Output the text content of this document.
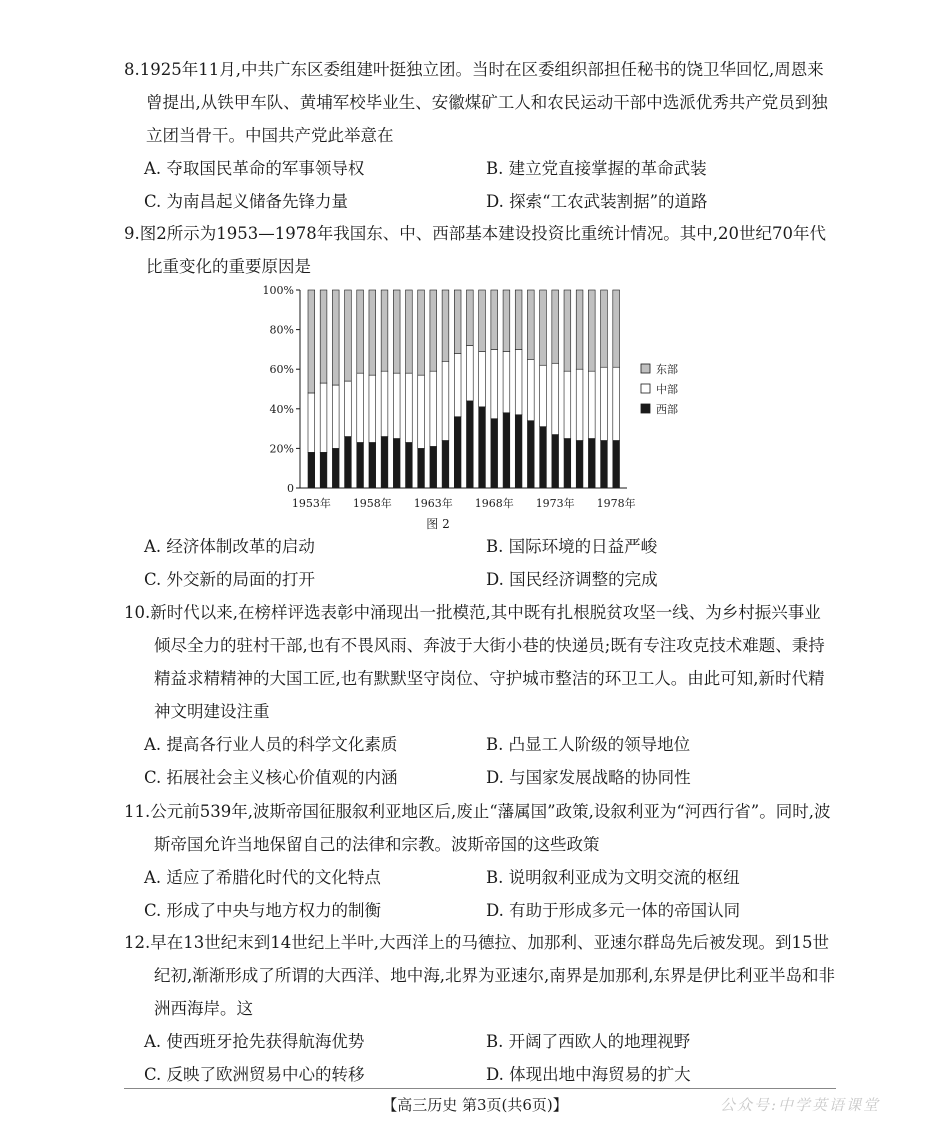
8.1925年11月,中共广东区委组建叶挺独立团。当时在区委组织部担任秘书的饶卫华回忆,周恩来曾提出,从铁甲车队、黄埔军校毕业生、安徽煤矿工人和农民运动干部中选派优秀共产党员到独立团当骨干。中国共产党此举意在

A. 夺取国民革命的军事领导权	B. 建立党直接掌握的革命武装
C. 为南昌起义储备先锋力量	D. 探索“工农武装割据”的道路

9.图2所示为1953—1978年我国东、中、西部基本建设投资比重统计情况。其中,20世纪70年代比重变化的重要原因是

0
20%
40%
60%
80%
100%
1953年 1958年 1963年 1968年 1973年 1978年
东部
中部
西部
图 2
A. 经济体制改革的启动	B. 国际环境的日益严峻
C. 外交新的局面的打开	D. 国民经济调整的完成

10.新时代以来,在榜样评选表彰中涌现出一批模范,其中既有扎根脱贫攻坚一线、为乡村振兴事业倾尽全力的驻村干部,也有不畏风雨、奔波于大街小巷的快递员;既有专注攻克技术难题、秉持精益求精精神的大国工匠,也有默默坚守岗位、守护城市整洁的环卫工人。由此可知,新时代精神文明建设注重

A. 提高各行业人员的科学文化素质	B. 凸显工人阶级的领导地位
C. 拓展社会主义核心价值观的内涵	D. 与国家发展战略的协同性

11.公元前539年,波斯帝国征服叙利亚地区后,废止“藩属国”政策,设叙利亚为“河西行省”。同时,波斯帝国允许当地保留自己的法律和宗教。波斯帝国的这些政策

A. 适应了希腊化时代的文化特点	B. 说明叙利亚成为文明交流的枢纽
C. 形成了中央与地方权力的制衡	D. 有助于形成多元一体的帝国认同

12.早在13世纪末到14世纪上半叶,大西洋上的马德拉、加那利、亚速尔群岛先后被发现。到15世纪初,渐渐形成了所谓的大西洋、地中海,北界为亚速尔,南界是加那利,东界是伊比利亚半岛和非洲西海岸。这

A. 使西班牙抢先获得航海优势	B. 开阔了西欧人的地理视野
C. 反映了欧洲贸易中心的转移	D. 体现出地中海贸易的扩大
【高三历史 第3页(共6页)】	公众号:中学英语课堂
